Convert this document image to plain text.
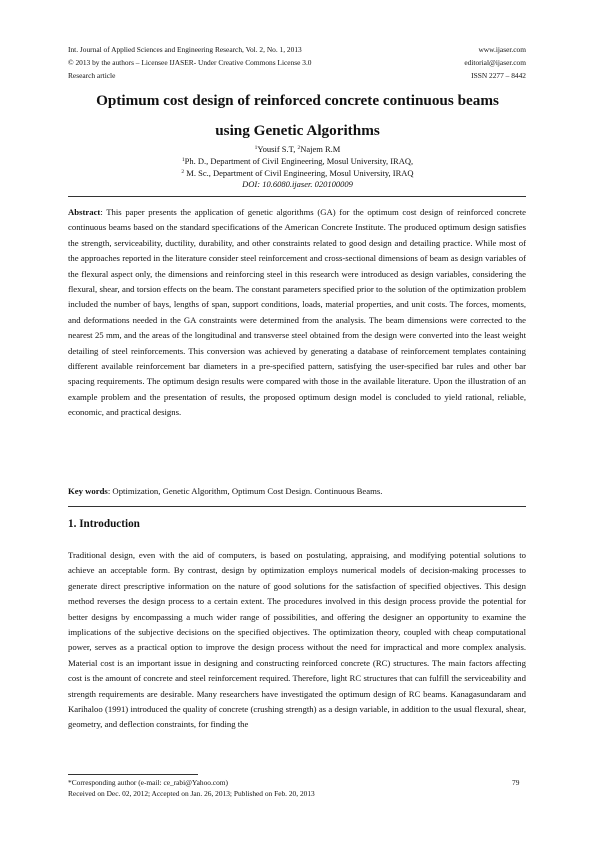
Int. Journal of Applied Sciences and Engineering Research, Vol. 2, No. 1, 2013	www.ijaser.com
© 2013 by the authors – Licensee IJASER- Under Creative Commons License 3.0	editorial@ijaser.com
Research article	ISSN 2277 – 8442
Optimum cost design of reinforced concrete continuous beams
using Genetic Algorithms
$^1$Yousif S.T, $^2$Najem R.M
$^1$Ph. D., Department of Civil Engineering, Mosul University, IRAQ,
$^2$ M. Sc., Department of Civil Engineering, Mosul University, IRAQ
DOI: 10.6080.ijaser. 020100009
Abstract: This paper presents the application of genetic algorithms (GA) for the optimum cost design of reinforced concrete continuous beams based on the standard specifications of the American Concrete Institute. The produced optimum design satisfies the strength, serviceability, ductility, durability, and other constraints related to good design and detailing practice. While most of the approaches reported in the literature consider steel reinforcement and cross-sectional dimensions of beam as design variables of the flexural aspect only, the dimensions and reinforcing steel in this research were introduced as design variables, considering the flexural, shear, and torsion effects on the beam. The constant parameters specified prior to the solution of the optimization problem included the number of bays, lengths of span, support conditions, loads, material properties, and unit costs. The forces, moments, and deformations needed in the GA constraints were determined from the analysis. The beam dimensions were corrected to the nearest 25 mm, and the areas of the longitudinal and transverse steel obtained from the design were converted into the least weight detailing of steel reinforcements. This conversion was achieved by generating a database of reinforcement templates containing different available reinforcement bar diameters in a pre-specified pattern, satisfying the user-specified bar rules and other bar spacing requirements. The optimum design results were compared with those in the available literature. Upon the illustration of an example problem and the presentation of results, the proposed optimum design model is concluded to yield rational, reliable, economic, and practical designs.
Key words: Optimization, Genetic Algorithm, Optimum Cost Design. Continuous Beams.
1. Introduction
Traditional design, even with the aid of computers, is based on postulating, appraising, and modifying potential solutions to achieve an acceptable form. By contrast, design by optimization employs numerical models of decision-making processes to generate direct prescriptive information on the nature of good solutions for the satisfaction of specified objectives. This design method reverses the design process to a certain extent. The procedures involved in this design process provide the potential for better designs by encompassing a much wider range of possibilities, and offering the designer an opportunity to examine the implications of the subjective decisions on the specified objectives. The optimization theory, coupled with cheap computational power, serves as a practical option to improve the design process without the need for impractical and more complex analysis. Material cost is an important issue in designing and constructing reinforced concrete (RC) structures. The main factors affecting cost is the amount of concrete and steel reinforcement required. Therefore, light RC structures that can fulfill the serviceability and strength requirements are desirable. Many researchers have investigated the optimum design of RC beams. Kanagasundaram and Karihaloo (1991) introduced the quality of concrete (crushing strength) as a design variable, in addition to the usual flexural, shear, geometry, and deflection constraints, for finding the
*Corresponding author (e-mail: ce_rabi@Yahoo.com)	79
Received on Dec. 02, 2012; Accepted on Jan. 26, 2013; Published on Feb. 20, 2013
